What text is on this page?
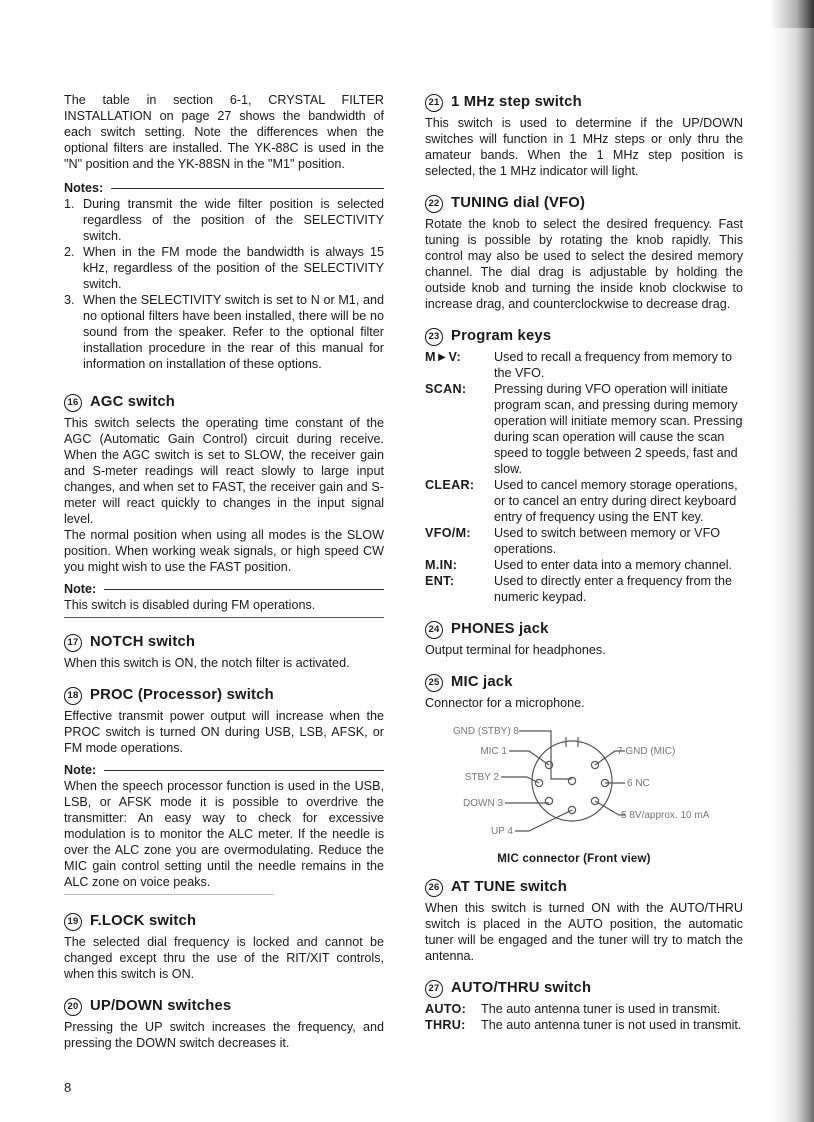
The table in section 6-1, CRYSTAL FILTER INSTALLATION on page 27 shows the bandwidth of each switch setting. Note the differences when the optional filters are installed. The YK-88C is used in the "N" position and the YK-88SN in the "M1" position.

Notes:
1. During transmit the wide filter position is selected regardless of the position of the SELECTIVITY switch.
2. When in the FM mode the bandwidth is always 15 kHz, regardless of the position of the SELECTIVITY switch.
3. When the SELECTIVITY switch is set to N or M1, and no optional filters have been installed, there will be no sound from the speaker. Refer to the optional filter installation procedure in the rear of this manual for information on installation of these options.
16 AGC switch

This switch selects the operating time constant of the AGC (Automatic Gain Control) circuit during receive. When the AGC switch is set to SLOW, the receiver gain and S-meter readings will react slowly to large input changes, and when set to FAST, the receiver gain and S-meter will react quickly to changes in the input signal level.

The normal position when using all modes is the SLOW position. When working weak signals, or high speed CW you might wish to use the FAST position.

Note:

This switch is disabled during FM operations.

17 NOTCH switch

When this switch is ON, the notch filter is activated.

18 PROC (Processor) switch

Effective transmit power output will increase when the PROC switch is turned ON during USB, LSB, AFSK, or FM mode operations.

Note:

When the speech processor function is used in the USB, LSB, or AFSK mode it is possible to overdrive the transmitter: An easy way to check for excessive modulation is to monitor the ALC meter. If the needle is over the ALC zone you are overmodulating. Reduce the MIC gain control setting until the needle remains in the ALC zone on voice peaks.

19 F.LOCK switch

The selected dial frequency is locked and cannot be changed except thru the use of the RIT/XIT controls, when this switch is ON.

20 UP/DOWN switches

Pressing the UP switch increases the frequency, and pressing the DOWN switch decreases it.

21 1 MHz step switch

This switch is used to determine if the UP/DOWN switches will function in 1 MHz steps or only thru the amateur bands. When the 1 MHz step position is selected, the 1 MHz indicator will light.

22 TUNING dial (VFO)

Rotate the knob to select the desired frequency. Fast tuning is possible by rotating the knob rapidly. This control may also be used to select the desired memory channel. The dial drag is adjustable by holding the outside knob and turning the inside knob clockwise to increase drag, and counterclockwise to decrease drag.

23 Program keys
M►V:	Used to recall a frequency from memory to the VFO.
SCAN:	Pressing during VFO operation will initiate program scan, and pressing during memory operation will initiate memory scan. Pressing during scan operation will cause the scan speed to toggle between 2 speeds, fast and slow.
CLEAR:	Used to cancel memory storage operations, or to cancel an entry during direct keyboard entry of frequency using the ENT key.
VFO/M:	Used to switch between memory or VFO operations.
M.IN:	Used to enter data into a memory channel.
ENT:	Used to directly enter a frequency from the numeric keypad.
24 PHONES jack

Output terminal for headphones.

25 MIC jack

Connector for a microphone.

GND (STBY) 8
MIC 1
STBY 2
DOWN 3
UP 4
7 GND (MIC)
6 NC
5 8V/approx. 10 mA
MIC connector (Front view)
26 AT TUNE switch

When this switch is turned ON with the AUTO/THRU switch is placed in the AUTO position, the automatic tuner will be engaged and the tuner will try to match the antenna.

27 AUTO/THRU switch
AUTO:	The auto antenna tuner is used in transmit.
THRU:	The auto antenna tuner is not used in transmit.
8
